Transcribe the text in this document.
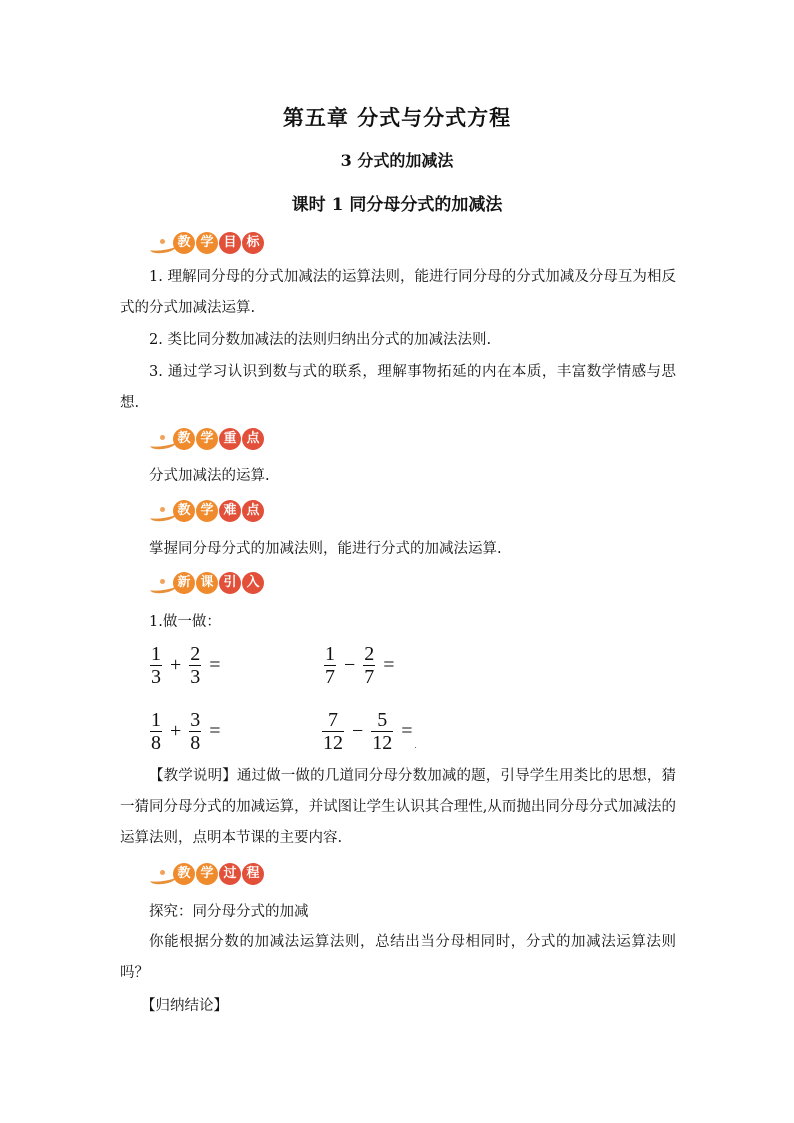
第五章 分式与分式方程
3 分式的加减法
课时 1 同分母分式的加减法
教 学 目 标
1. 理解同分母的分式加减法的运算法则，能进行同分母的分式加减及分母互为相反式的分式加减法运算.
2. 类比同分数加减法的法则归纳出分式的加减法法则.
3. 通过学习认识到数与式的联系，理解事物拓延的内在本质，丰富数学情感与思想.
教 学 重 点
分式加减法的运算.
教 学 难 点
掌握同分母分式的加减法则，能进行分式的加减法运算.
新 课 引 入
1.做一做：
$\frac{1}{3} + \frac{2}{3}$ =	$\frac{1}{7} - \frac{2}{7}$ =
$\frac{1}{8} + \frac{3}{8}$ =	$\frac{7}{12} - \frac{5}{12}$ =
.
【教学说明】通过做一做的几道同分母分数加减的题，引导学生用类比的思想，猜一猜同分母分式的加减运算，并试图让学生认识其合理性,从而抛出同分母分式加减法的运算法则，点明本节课的主要内容.
教 学 过 程
探究：同分母分式的加减
你能根据分数的加减法运算法则，总结出当分母相同时，分式的加减法运算法则吗？
【归纳结论】
